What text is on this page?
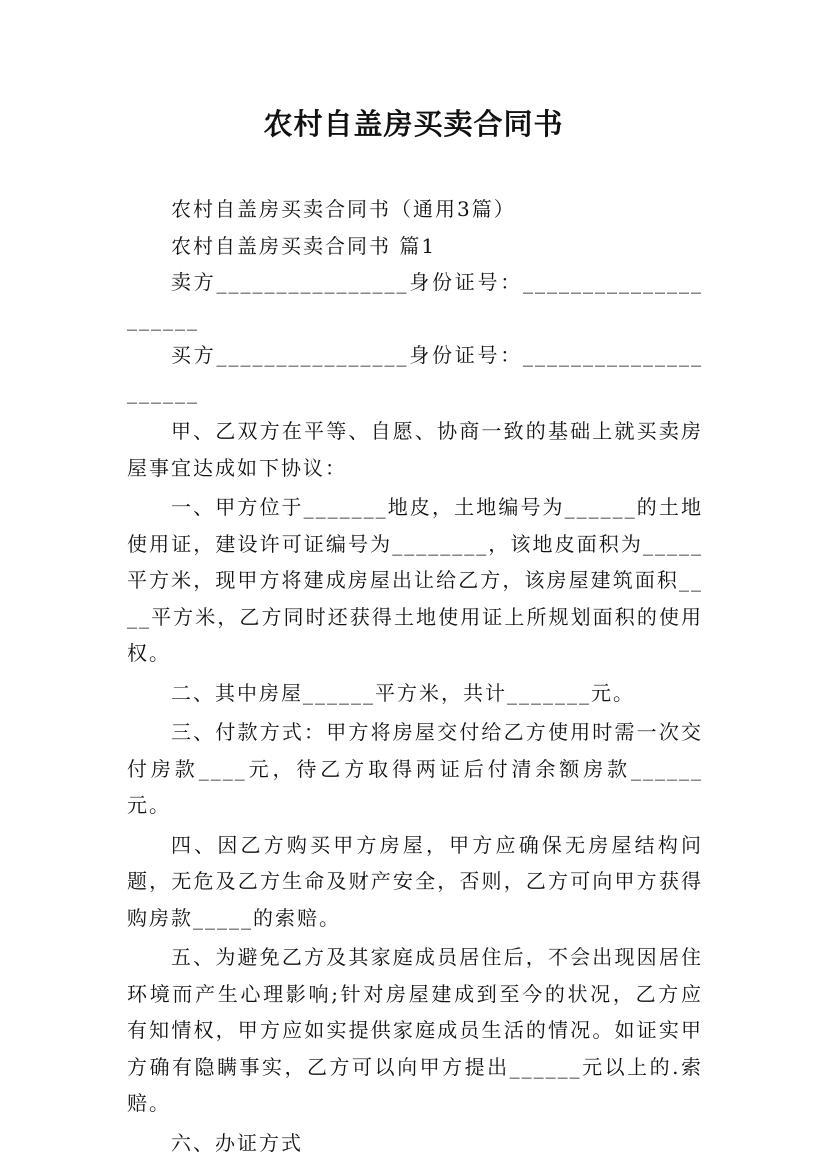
农村自盖房买卖合同书

农村自盖房买卖合同书（通用3篇）

农村自盖房买卖合同书 篇1

卖方________________身份证号：_____________________

买方________________身份证号：_____________________

甲、乙双方在平等、自愿、协商一致的基础上就买卖房屋事宜达成如下协议：

一、甲方位于_______地皮，土地编号为______的土地使用证，建设许可证编号为________，该地皮面积为_____平方米，现甲方将建成房屋出让给乙方，该房屋建筑面积____平方米，乙方同时还获得土地使用证上所规划面积的使用权。

二、其中房屋______平方米，共计_______元。

三、付款方式：甲方将房屋交付给乙方使用时需一次交付房款____元，待乙方取得两证后付清余额房款______元。

四、因乙方购买甲方房屋，甲方应确保无房屋结构问题，无危及乙方生命及财产安全，否则，乙方可向甲方获得购房款_____的索赔。

五、为避免乙方及其家庭成员居住后，不会出现因居住环境而产生心理影响;针对房屋建成到至今的状况，乙方应有知情权，甲方应如实提供家庭成员生活的情况。如证实甲方确有隐瞒事实，乙方可以向甲方提出______元以上的.索赔。

六、办证方式
